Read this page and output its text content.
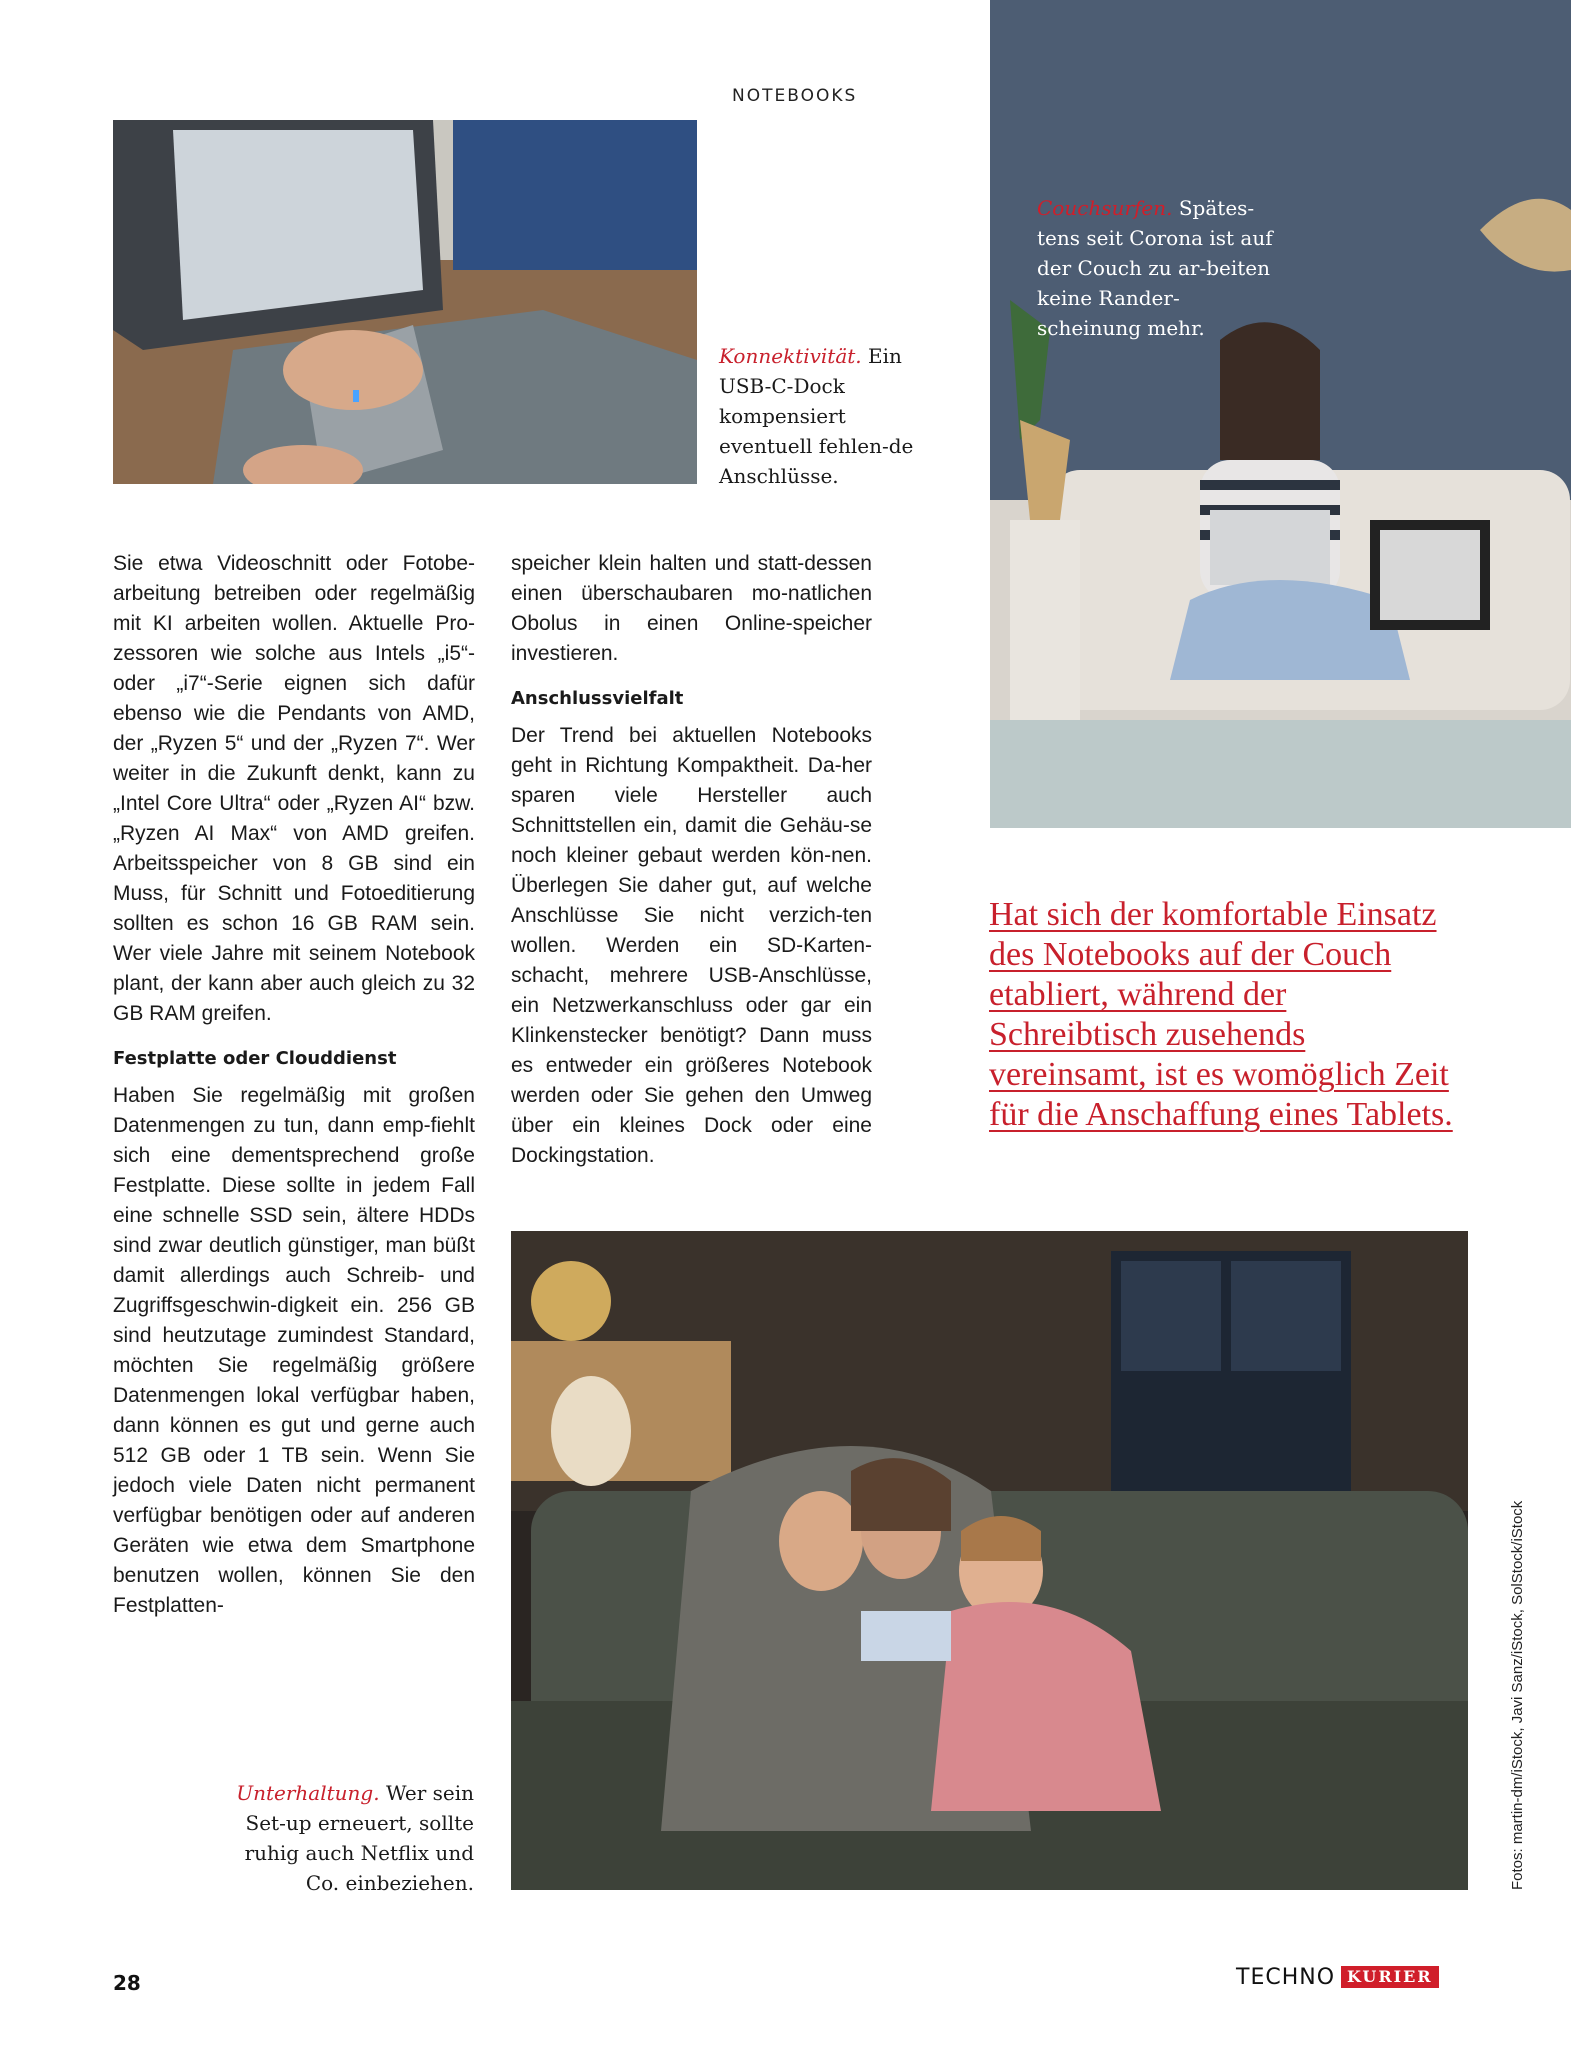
NOTEBOOKS
Konnektivität. Ein USB-C-Dock kompensiert eventuell fehlen-de Anschlüsse.
Couchsurfen. Spätes-tens seit Corona ist auf der Couch zu ar-beiten keine Rander-scheinung mehr.

Sie etwa Videoschnitt oder Fotobe-arbeitung betreiben oder regelmäßig mit KI arbeiten wollen. Aktuelle Pro-zessoren wie solche aus Intels „i5“- oder „i7“-Serie eignen sich dafür ebenso wie die Pendants von AMD, der „Ryzen 5“ und der „Ryzen 7“. Wer weiter in die Zukunft denkt, kann zu „Intel Core Ultra“ oder „Ryzen AI“ bzw. „Ryzen AI Max“ von AMD greifen. Arbeitsspeicher von 8 GB sind ein Muss, für Schnitt und Fotoeditierung sollten es schon 16 GB RAM sein. Wer viele Jahre mit seinem Notebook plant, der kann aber auch gleich zu 32 GB RAM greifen.

Festplatte oder Clouddienst

Haben Sie regelmäßig mit großen Datenmengen zu tun, dann emp-fiehlt sich eine dementsprechend große Festplatte. Diese sollte in jedem Fall eine schnelle SSD sein, ältere HDDs sind zwar deutlich günstiger, man büßt damit allerdings auch Schreib- und Zugriffsgeschwin-digkeit ein. 256 GB sind heutzutage zumindest Standard, möchten Sie regelmäßig größere Datenmengen lokal verfügbar haben, dann können es gut und gerne auch 512 GB oder 1 TB sein. Wenn Sie jedoch viele Daten nicht permanent verfügbar benötigen oder auf anderen Geräten wie etwa dem Smartphone benutzen wollen, können Sie den Festplatten-

speicher klein halten und statt-dessen einen überschaubaren mo-natlichen Obolus in einen Online-speicher investieren.

Anschlussvielfalt

Der Trend bei aktuellen Notebooks geht in Richtung Kompaktheit. Da-her sparen viele Hersteller auch Schnittstellen ein, damit die Gehäu-se noch kleiner gebaut werden kön-nen. Überlegen Sie daher gut, auf welche Anschlüsse Sie nicht verzich-ten wollen. Werden ein SD-Karten-schacht, mehrere USB-Anschlüsse, ein Netzwerkanschluss oder gar ein Klinkenstecker benötigt? Dann muss es entweder ein größeres Notebook werden oder Sie gehen den Umweg über ein kleines Dock oder eine Dockingstation.

Hat sich der komfortable Einsatz des Notebooks auf der Couch etabliert, während der Schreibtisch zusehends vereinsamt, ist es womöglich Zeit für die Anschaffung eines Tablets.
Unterhaltung. Wer sein Set-up erneuert, sollte ruhig auch Netflix und Co. einbeziehen.	Fotos: martin-dm/iStock, Javi Sanz/iStock, SolStock/iStock
28	TECHNO KURIER
